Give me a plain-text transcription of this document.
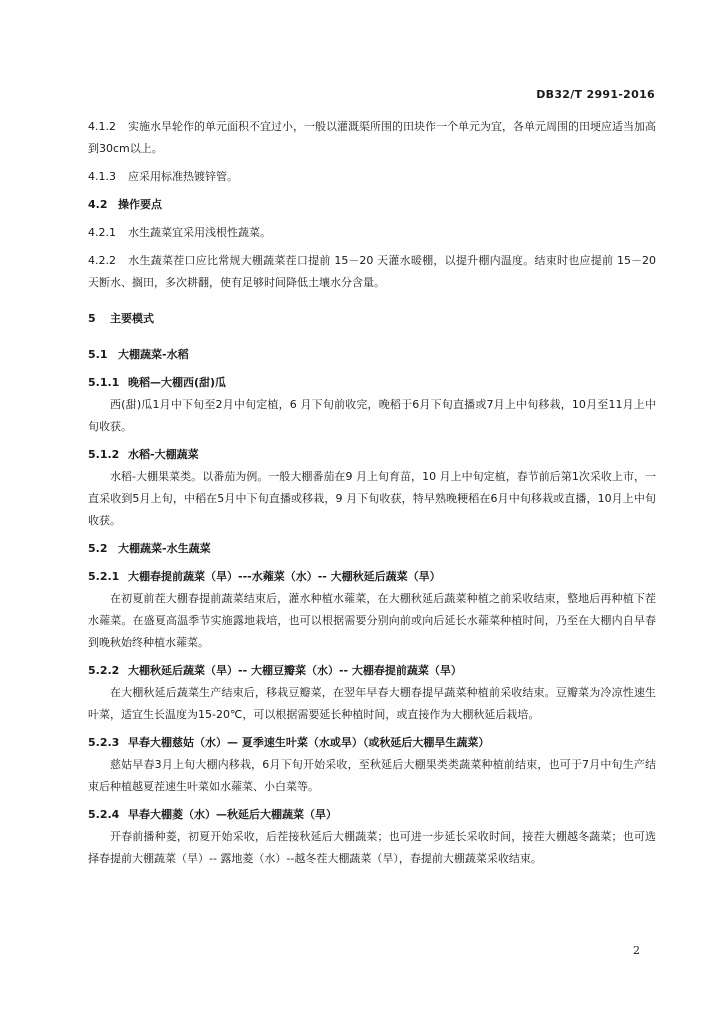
DB32/T 2991-2016
4.1.2 实施水旱轮作的单元面积不宜过小，一般以灌溉渠所围的田块作一个单元为宜，各单元周围的田埂应适当加高到30cm以上。
4.1.3 应采用标准热镀锌管。
4.2 操作要点
4.2.1 水生蔬菜宜采用浅根性蔬菜。
4.2.2 水生蔬菜茬口应比常规大棚蔬菜茬口提前 15－20 天灌水暖棚，以提升棚内温度。结束时也应提前 15－20 天断水、搁田，多次耕翻，使有足够时间降低土壤水分含量。
5 主要模式
5.1 大棚蔬菜-水稻
5.1.1 晚稻—大棚西(甜)瓜
西(甜)瓜1月中下旬至2月中旬定植，6 月下旬前收完，晚稻于6月下旬直播或7月上中旬移栽，10月至11月上中旬收获。
5.1.2 水稻-大棚蔬菜
水稻-大棚果菜类。以番茄为例。一般大棚番茄在9 月上旬育苗，10 月上中旬定植，春节前后第1次采收上市，一直采收到5月上旬，中稻在5月中下旬直播或移栽，9 月下旬收获，特早熟晚粳稻在6月中旬移栽或直播，10月上中旬收获。
5.2 大棚蔬菜-水生蔬菜
5.2.1 大棚春提前蔬菜（旱）---水蕹菜（水）-- 大棚秋延后蔬菜（旱）
在初夏前茬大棚春提前蔬菜结束后，灌水种植水蕹菜，在大棚秋延后蔬菜种植之前采收结束，整地后再种植下茬水蕹菜。在盛夏高温季节实施露地栽培，也可以根据需要分别向前或向后延长水蕹菜种植时间，乃至在大棚内自早春到晚秋始终种植水蕹菜。
5.2.2 大棚秋延后蔬菜（旱）-- 大棚豆瓣菜（水）-- 大棚春提前蔬菜（旱）
在大棚秋延后蔬菜生产结束后，移栽豆瓣菜，在翌年早春大棚春提早蔬菜种植前采收结束。豆瓣菜为冷凉性速生叶菜，适宜生长温度为15-20℃，可以根据需要延长种植时间，或直接作为大棚秋延后栽培。
5.2.3 早春大棚慈姑（水）— 夏季速生叶菜（水或旱）（或秋延后大棚旱生蔬菜）
慈姑早春3月上旬大棚内移栽，6月下旬开始采收，至秋延后大棚果类类蔬菜种植前结束，也可于7月中旬生产结束后种植越夏茬速生叶菜如水蕹菜、小白菜等。
5.2.4 早春大棚菱（水）—秋延后大棚蔬菜（旱）
开春前播种菱，初夏开始采收，后茬接秋延后大棚蔬菜；也可进一步延长采收时间，接茬大棚越冬蔬菜；也可选择春提前大棚蔬菜（旱）-- 露地菱（水）--越冬茬大棚蔬菜（旱），春提前大棚蔬菜采收结束。
2
